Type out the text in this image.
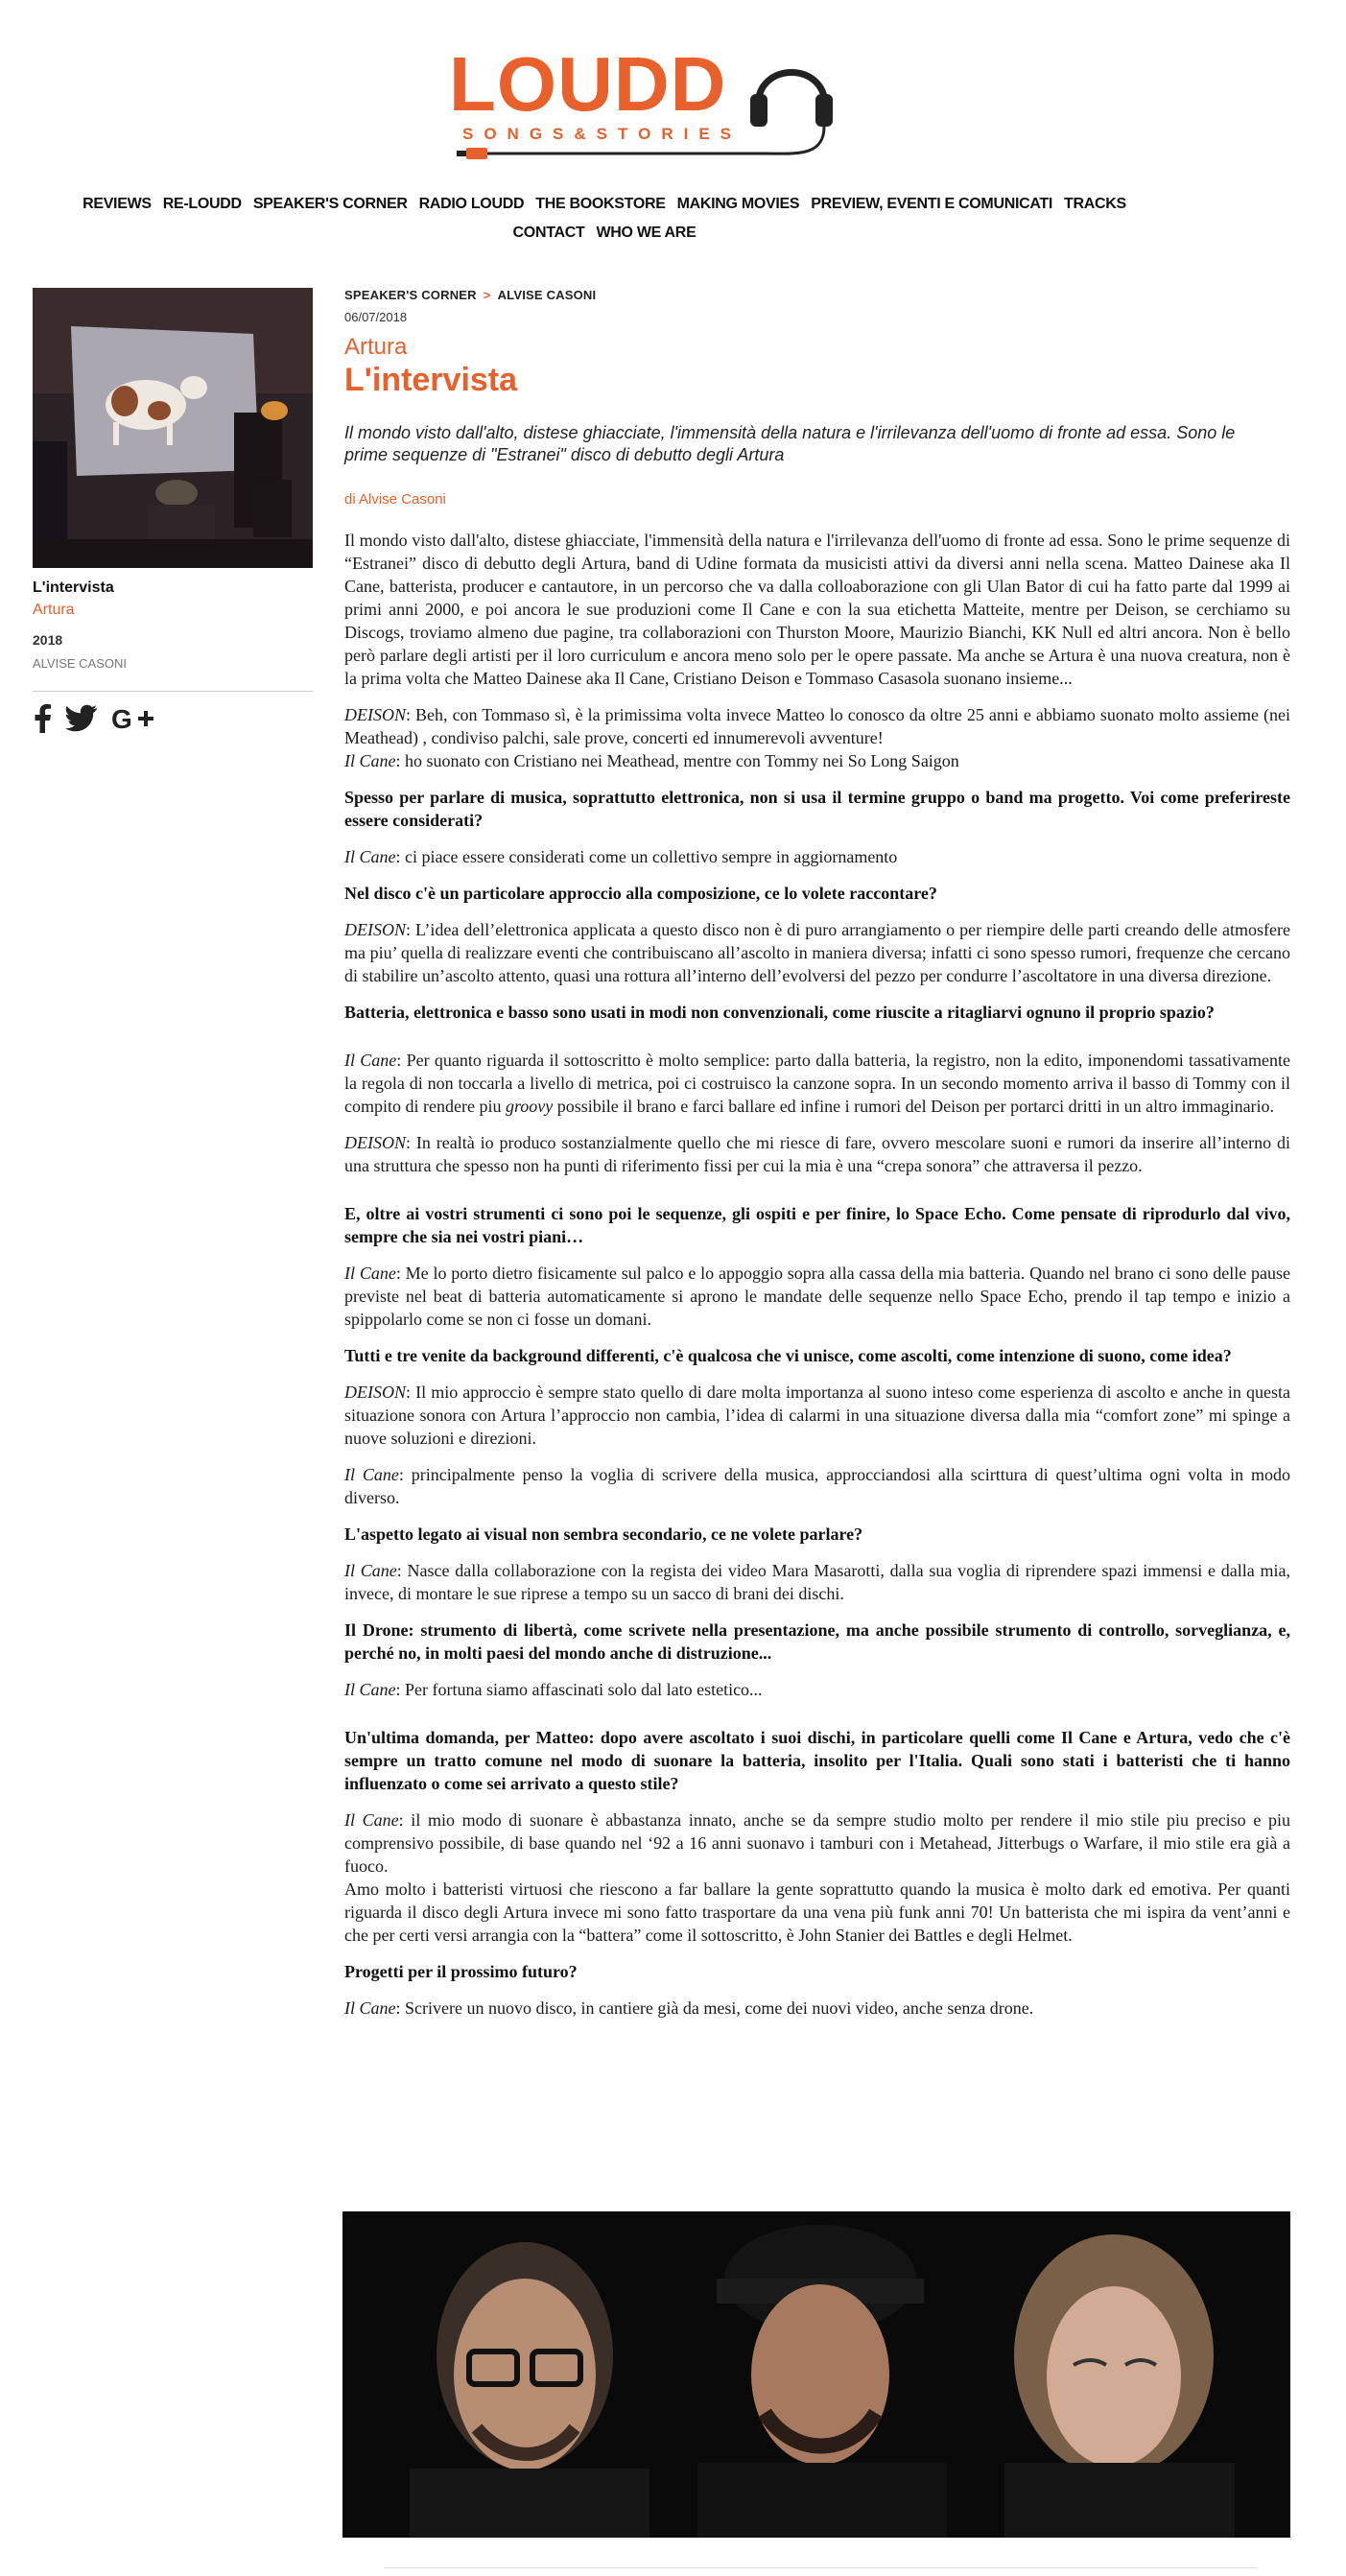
LOUDD
SONGS&STORIES
REVIEWS RE-LOUDD SPEAKER'S CORNER RADIO LOUDD THE BOOKSTORE MAKING MOVIES PREVIEW, EVENTI E COMUNICATI TRACKS
CONTACT WHO WE ARE
L'intervista
Artura
2018
ALVISE CASONI
G
SPEAKER'S CORNER > ALVISE CASONI
06/07/2018
Artura
L'intervista
Il mondo visto dall'alto, distese ghiacciate, l'immensità della natura e l'irrilevanza dell'uomo di fronte ad essa. Sono le prime sequenze di "Estranei" disco di debutto degli Artura
di Alvise Casoni
Il mondo visto dall'alto, distese ghiacciate, l'immensità della natura e l'irrilevanza dell'uomo di fronte ad essa. Sono le prime sequenze di “Estranei” disco di debutto degli Artura, band di Udine formata da musicisti attivi da diversi anni nella scena. Matteo Dainese aka Il Cane, batterista, producer e cantautore, in un percorso che va dalla colloaborazione con gli Ulan Bator di cui ha fatto parte dal 1999 ai primi anni 2000, e poi ancora le sue produzioni come Il Cane e con la sua etichetta Matteite, mentre per Deison, se cerchiamo su Discogs, troviamo almeno due pagine, tra collaborazioni con Thurston Moore, Maurizio Bianchi, KK Null ed altri ancora. Non è bello però parlare degli artisti per il loro curriculum e ancora meno solo per le opere passate. Ma anche se Artura è una nuova creatura, non è la prima volta che Matteo Dainese aka Il Cane, Cristiano Deison e Tommaso Casasola suonano insieme...
DEISON: Beh, con Tommaso sì, è la primissima volta invece Matteo lo conosco da oltre 25 anni e abbiamo suonato molto assieme (nei Meathead) , condiviso palchi, sale prove, concerti ed innumerevoli avventure!
Il Cane: ho suonato con Cristiano nei Meathead, mentre con Tommy nei So Long Saigon
Spesso per parlare di musica, soprattutto elettronica, non si usa il termine gruppo o band ma progetto. Voi come preferireste essere considerati?
Il Cane: ci piace essere considerati come un collettivo sempre in aggiornamento
Nel disco c'è un particolare approccio alla composizione, ce lo volete raccontare?
DEISON: L’idea dell’elettronica applicata a questo disco non è di puro arrangiamento o per riempire delle parti creando delle atmosfere ma piu’ quella di realizzare eventi che contribuiscano all’ascolto in maniera diversa; infatti ci sono spesso rumori, frequenze che cercano di stabilire un’ascolto attento, quasi una rottura all’interno dell’evolversi del pezzo per condurre l’ascoltatore in una diversa direzione.
Batteria, elettronica e basso sono usati in modi non convenzionali, come riuscite a ritagliarvi ognuno il proprio spazio?
Il Cane: Per quanto riguarda il sottoscritto è molto semplice: parto dalla batteria, la registro, non la edito, imponendomi tassativamente la regola di non toccarla a livello di metrica, poi ci costruisco la canzone sopra. In un secondo momento arriva il basso di Tommy con il compito di rendere piu groovy possibile il brano e farci ballare ed infine i rumori del Deison per portarci dritti in un altro immaginario.
DEISON: In realtà io produco sostanzialmente quello che mi riesce di fare, ovvero mescolare suoni e rumori da inserire all’interno di una struttura che spesso non ha punti di riferimento fissi per cui la mia è una “crepa sonora” che attraversa il pezzo.
E, oltre ai vostri strumenti ci sono poi le sequenze, gli ospiti e per finire, lo Space Echo. Come pensate di riprodurlo dal vivo, sempre che sia nei vostri piani…
Il Cane: Me lo porto dietro fisicamente sul palco e lo appoggio sopra alla cassa della mia batteria. Quando nel brano ci sono delle pause previste nel beat di batteria automaticamente si aprono le mandate delle sequenze nello Space Echo, prendo il tap tempo e inizio a spippolarlo come se non ci fosse un domani.
Tutti e tre venite da background differenti, c'è qualcosa che vi unisce, come ascolti, come intenzione di suono, come idea?
DEISON: Il mio approccio è sempre stato quello di dare molta importanza al suono inteso come esperienza di ascolto e anche in questa situazione sonora con Artura l’approccio non cambia, l’idea di calarmi in una situazione diversa dalla mia “comfort zone” mi spinge a nuove soluzioni e direzioni.
Il Cane: principalmente penso la voglia di scrivere della musica, approcciandosi alla scirttura di quest’ultima ogni volta in modo diverso.
L'aspetto legato ai visual non sembra secondario, ce ne volete parlare?
Il Cane: Nasce dalla collaborazione con la regista dei video Mara Masarotti, dalla sua voglia di riprendere spazi immensi e dalla mia, invece, di montare le sue riprese a tempo su un sacco di brani dei dischi.
Il Drone: strumento di libertà, come scrivete nella presentazione, ma anche possibile strumento di controllo, sorveglianza, e, perché no, in molti paesi del mondo anche di distruzione...
Il Cane: Per fortuna siamo affascinati solo dal lato estetico...
Un'ultima domanda, per Matteo: dopo avere ascoltato i suoi dischi, in particolare quelli come Il Cane e Artura, vedo che c'è sempre un tratto comune nel modo di suonare la batteria, insolito per l'Italia. Quali sono stati i batteristi che ti hanno influenzato o come sei arrivato a questo stile?
Il Cane: il mio modo di suonare è abbastanza innato, anche se da sempre studio molto per rendere il mio stile piu preciso e piu comprensivo possibile, di base quando nel ‘92 a 16 anni suonavo i tamburi con i Metahead, Jitterbugs o Warfare, il mio stile era già a fuoco.
Amo molto i batteristi virtuosi che riescono a far ballare la gente soprattutto quando la musica è molto dark ed emotiva. Per quanti riguarda il disco degli Artura invece mi sono fatto trasportare da una vena più funk anni 70! Un batterista che mi ispira da vent’anni e che per certi versi arrangia con la “battera” come il sottoscritto, è John Stanier dei Battles e degli Helmet.
Progetti per il prossimo futuro?
Il Cane: Scrivere un nuovo disco, in cantiere già da mesi, come dei nuovi video, anche senza drone.
